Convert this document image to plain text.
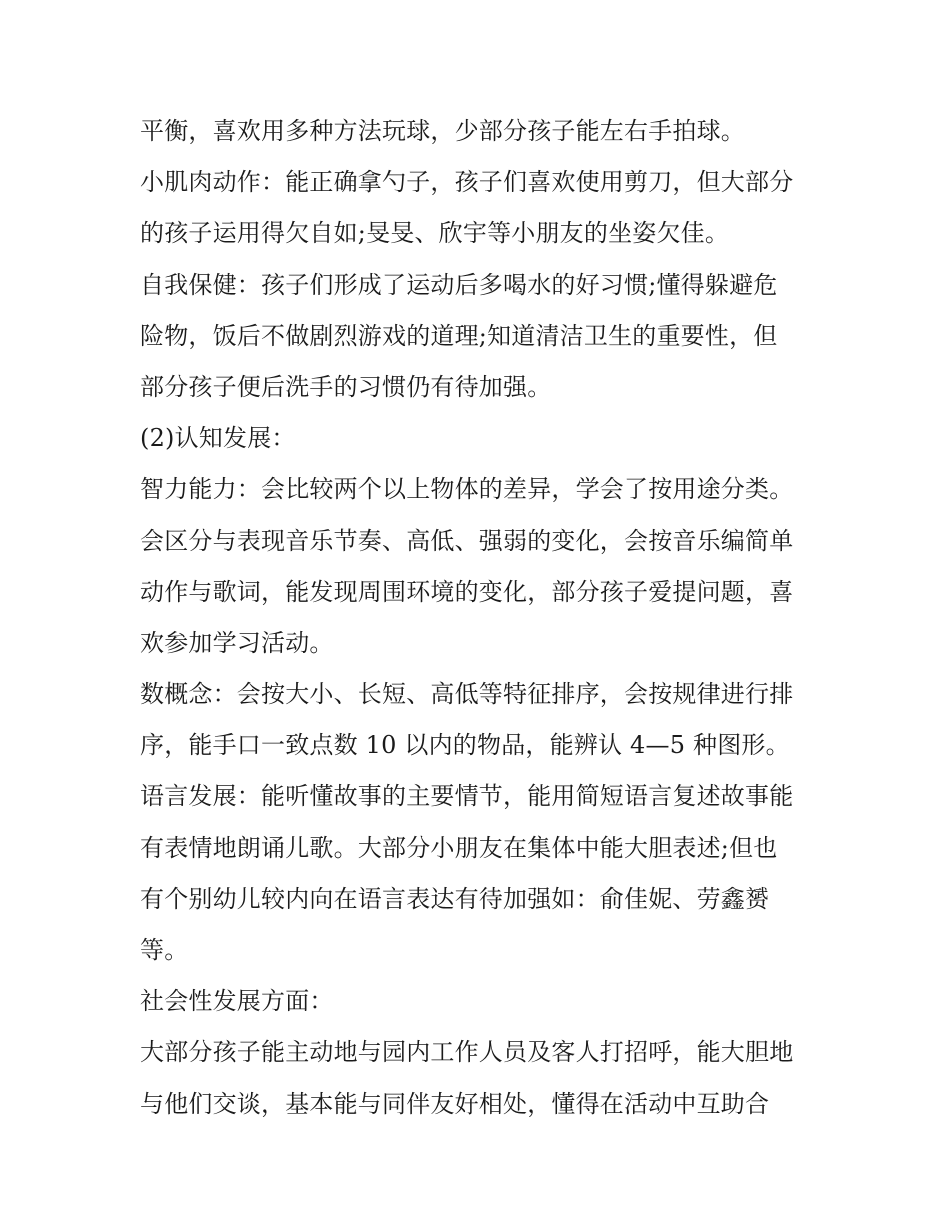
平衡，喜欢用多种方法玩球，少部分孩子能左右手拍球。
小肌肉动作：能正确拿勺子，孩子们喜欢使用剪刀，但大部分
的孩子运用得欠自如;旻旻、欣宇等小朋友的坐姿欠佳。
自我保健：孩子们形成了运动后多喝水的好习惯;懂得躲避危
险物，饭后不做剧烈游戏的道理;知道清洁卫生的重要性，但
部分孩子便后洗手的习惯仍有待加强。
(2)认知发展：
智力能力：会比较两个以上物体的差异，学会了按用途分类。
会区分与表现音乐节奏、高低、强弱的变化，会按音乐编简单
动作与歌词，能发现周围环境的变化，部分孩子爱提问题，喜
欢参加学习活动。
数概念：会按大小、长短、高低等特征排序，会按规律进行排
序，能手口一致点数 10 以内的物品，能辨认 4—5 种图形。
语言发展：能听懂故事的主要情节，能用简短语言复述故事能
有表情地朗诵儿歌。大部分小朋友在集体中能大胆表述;但也
有个别幼儿较内向在语言表达有待加强如：俞佳妮、劳鑫赟
等。
社会性发展方面：
大部分孩子能主动地与园内工作人员及客人打招呼，能大胆地
与他们交谈，基本能与同伴友好相处，懂得在活动中互助合
